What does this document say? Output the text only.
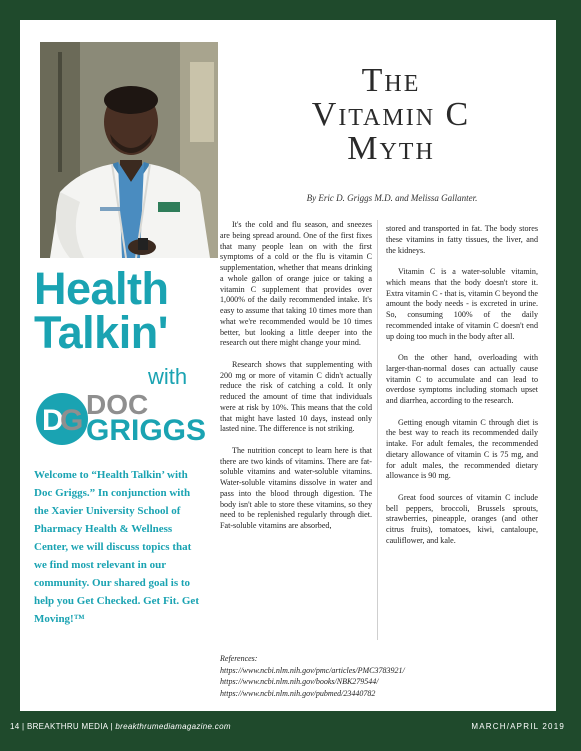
Health
Talkin'
with
D
G DOC
GRIGGS
Welcome to “Health Talkin’ with Doc Griggs.” In conjunction with the Xavier University School of Pharmacy Health & Wellness Center, we will discuss topics that we find most relevant in our community. Our shared goal is to help you Get Checked. Get Fit. Get Moving!™
The
Vitamin C
Myth
By Eric D. Griggs M.D. and Melissa Gallanter.

It's the cold and flu season, and sneezes are being spread around. One of the first fixes that many people lean on with the first symptoms of a cold or the flu is vitamin C supplementation, whether that means drinking a whole gallon of orange juice or taking a vitamin C supplement that provides over 1,000% of the daily recommended intake. It's easy to assume that taking 10 times more than what we're recommended would be 10 times better, but looking a little deeper into the research out there might change your mind.

Research shows that supplementing with 200 mg or more of vitamin C didn't actually reduce the risk of catching a cold. It only reduced the amount of time that individuals were at risk by 10%. This means that the cold that might have lasted 10 days, instead only lasted nine. The difference is not striking.

The nutrition concept to learn here is that there are two kinds of vitamins. There are fat-soluble vitamins and water-soluble vitamins. Water-soluble vitamins dissolve in water and pass into the blood through digestion. The body isn't able to store these vitamins, so they need to be replenished regularly through diet. Fat-soluble vitamins are absorbed,

stored and transported in fat. The body stores these vitamins in fatty tissues, the liver, and the kidneys.

Vitamin C is a water-soluble vitamin, which means that the body doesn't store it. Extra vitamin C - that is, vitamin C beyond the amount the body needs - is excreted in urine. So, consuming 100% of the daily recommended intake of vitamin C doesn't end up doing too much in the body after all.

On the other hand, overloading with larger-than-normal doses can actually cause vitamin C to accumulate and can lead to overdose symptoms including stomach upset and diarrhea, according to the research.

Getting enough vitamin C through diet is the best way to reach its recommended daily intake. For adult females, the recommended dietary allowance of vitamin C is 75 mg, and for adult males, the recommended dietary allowance is 90 mg.

Great food sources of vitamin C include bell peppers, broccoli, Brussels sprouts, strawberries, pineapple, oranges (and other citrus fruits), tomatoes, kiwi, cantaloupe, cauliflower, and kale.

References:
https://www.ncbi.nlm.nih.gov/pmc/articles/PMC3783921/
https://www.ncbi.nlm.nih.gov/books/NBK279544/
https://www.ncbi.nlm.nih.gov/pubmed/23440782
14 | BREAKTHRU MEDIA | breakthrumediamagazine.com	MARCH/APRIL 2019
